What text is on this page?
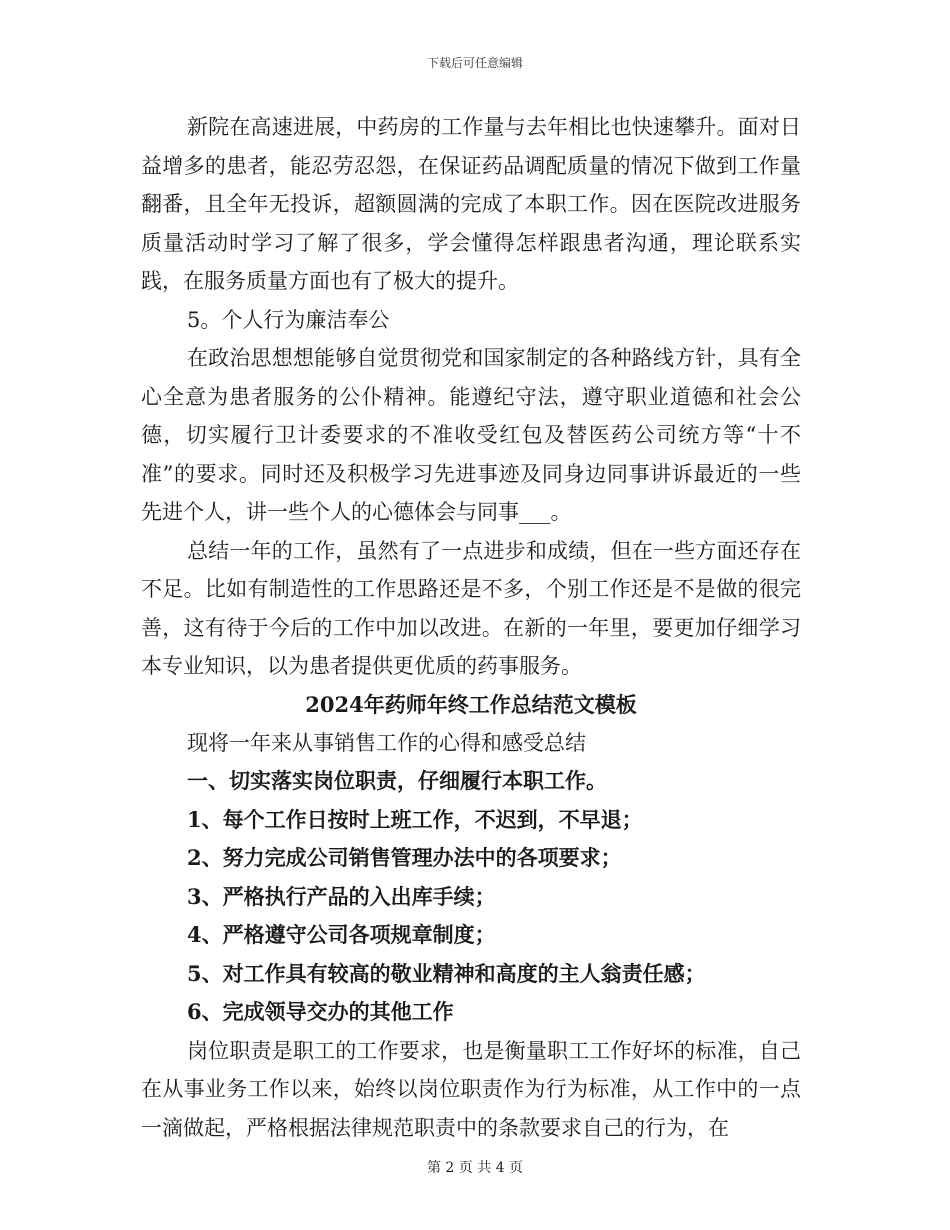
下载后可任意编辑

新院在高速进展，中药房的工作量与去年相比也快速攀升。面对日益增多的患者，能忍劳忍怨，在保证药品调配质量的情况下做到工作量翻番，且全年无投诉，超额圆满的完成了本职工作。因在医院改进服务质量活动时学习了解了很多，学会懂得怎样跟患者沟通，理论联系实践，在服务质量方面也有了极大的提升。

5。个人行为廉洁奉公

在政治思想想能够自觉贯彻党和国家制定的各种路线方针，具有全心全意为患者服务的公仆精神。能遵纪守法，遵守职业道德和社会公德，切实履行卫计委要求的不准收受红包及替医药公司统方等“十不准”的要求。同时还及积极学习先进事迹及同身边同事讲诉最近的一些先进个人，讲一些个人的心德体会与同事___。

总结一年的工作，虽然有了一点进步和成绩，但在一些方面还存在不足。比如有制造性的工作思路还是不多，个别工作还是不是做的很完善，这有待于今后的工作中加以改进。在新的一年里，要更加仔细学习本专业知识，以为患者提供更优质的药事服务。

2024年药师年终工作总结范文模板

现将一年来从事销售工作的心得和感受总结

一、切实落实岗位职责，仔细履行本职工作。

1、每个工作日按时上班工作，不迟到，不早退；

2、努力完成公司销售管理办法中的各项要求；

3、严格执行产品的入出库手续；

4、严格遵守公司各项规章制度；

5、对工作具有较高的敬业精神和高度的主人翁责任感；

6、完成领导交办的其他工作

岗位职责是职工的工作要求，也是衡量职工工作好坏的标准，自己在从事业务工作以来，始终以岗位职责作为行为标准，从工作中的一点一滴做起，严格根据法律规范职责中的条款要求自己的行为，在

第 2 页 共 4 页
